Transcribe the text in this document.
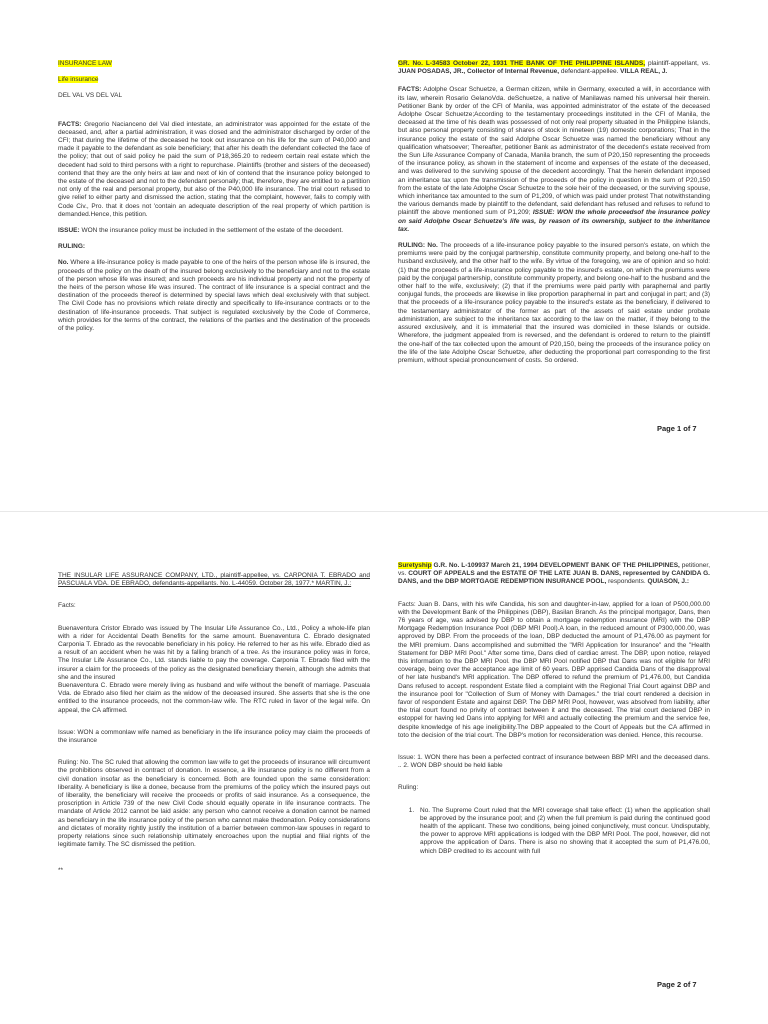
INSURANCE LAW

Life insurance

DEL VAL VS DEL VAL

FACTS: Gregorio Nacianceno del Val died intestate, an administrator was appointed for the estate of the deceased, and, after a partial administration, it was closed and the administrator discharged by order of the CFI; that during the lifetime of the deceased he took out insurance on his life for the sum of P40,000 and made it payable to the defendant as sole beneficiary; that after his death the defendant collected the face of the policy; that out of said policy he paid the sum of P18,365.20 to redeem certain real estate which the decedent had sold to third persons with a right to repurchase. Plaintiffs (brother and sisters of the deceased) contend that they are the only heirs at law and next of kin of contend that the insurance policy belonged to the estate of the deceased and not to the defendant personally; that, therefore, they are entitled to a partition not only of the real and personal property, but also of the P40,000 life insurance. The trial court refused to give relief to either party and dismissed the action, stating that the complaint, however, fails to comply with Code Civ., Pro. that it does not 'contain an adequate description of the real property of which partition is demanded.Hence, this petition.

ISSUE: WON the insurance policy must be included in the settlement of the estate of the decedent.

RULING:

No. Where a life-insurance policy is made payable to one of the heirs of the person whose life is insured, the proceeds of the policy on the death of the insured belong exclusively to the beneficiary and not to the estate of the person whose life was insured; and such proceeds are his individual property and not the property of the heirs of the person whose life was insured. The contract of life insurance is a special contract and the destination of the proceeds thereof is determined by special laws which deal exclusively with that subject. The Civil Code has no provisions which relate directly and specifically to life-insurance contracts or to the destination of life-insurance proceeds. That subject is regulated exclusively by the Code of Commerce, which provides for the terms of the contract, the relations of the parties and the destination of the proceeds of the policy.

GR. No. L-34583 October 22, 1931 THE BANK OF THE PHILIPPINE ISLANDS, plaintiff-appellant, vs. JUAN POSADAS, JR., Collector of Internal Revenue, defendant-appellee. VILLA REAL, J.

FACTS: Adolphe Oscar Schuetze, a German citizen, while in Germany, executed a will, in accordance with its law, wherein Rosario GelanoVda. deSchuetze, a native of Manilawas named his universal heir therein. Petitioner Bank by order of the CFI of Manila, was appointed administrator of the estate of the deceased Adolphe Oscar Schuetze;According to the testamentary proceedings instituted in the CFI of Manila, the deceased at the time of his death was possessed of not only real property situated in the Philippine Islands, but also personal property consisting of shares of stock in nineteen (19) domestic corporations; That in the insurance policy the estate of the said Adolphe Oscar Schuetze was named the beneficiary without any qualification whatsoever; Thereafter, petitioner Bank as administrator of the decedent's estate received from the Sun Life Assurance Company of Canada, Manila branch, the sum of P20,150 representing the proceeds of the insurance policy, as shown in the statement of income and expenses of the estate of the deceased, and was delivered to the surviving spouse of the decedent accordingly. That the herein defendant imposed an inheritance tax upon the transmission of the proceeds of the policy in question in the sum of P20,150 from the estate of the late Adolphe Oscar Schuetze to the sole heir of the deceased, or the surviving spouse, which inheritance tax amounted to the sum of P1,209, of which was paid under protest That notwithstanding the various demands made by plaintiff to the defendant, said defendant has refused and refuses to refund to plaintiff the above mentioned sum of P1,209; ISSUE: WON the whole proceedsof the insurance policy on said Adolphe Oscar Schuetze's life was, by reason of its ownership, subject to the inheritance tax.

RULING: No. The proceeds of a life-insurance policy payable to the insured person's estate, on which the premiums were paid by the conjugal partnership, constitute community property, and belong one-half to the husband exclusively, and the other half to the wife. By virtue of the foregoing, we are of opinion and so hold: (1) that the proceeds of a life-insurance policy payable to the insured's estate, on which the premiums were paid by the conjugal partnership, constitute community property, and belong one-half to the husband and the other half to the wife, exclusively; (2) that if the premiums were paid partly with paraphernal and partly conjugal funds, the proceeds are likewise in like proportion paraphernal in part and conjugal in part; and (3) that the proceeds of a life-insurance policy payable to the insured's estate as the beneficiary, if delivered to the testamentary administrator of the former as part of the assets of said estate under probate administration, are subject to the inheritance tax according to the law on the matter, if they belong to the assured exclusively, and it is immaterial that the insured was domiciled in these Islands or outside. Wherefore, the judgment appealed from is reversed, and the defendant is ordered to return to the plaintiff the one-half of the tax collected upon the amount of P20,150, being the proceeds of the insurance policy on the life of the late Adolphe Oscar Schuetze, after deducting the proportional part corresponding to the first premium, without special pronouncement of costs. So ordered.

Page 1 of 7

THE INSULAR LIFE ASSURANCE COMPANY, LTD., plaintiff-appellee, vs. CARPONIA T. EBRADO and PASCUALA VDA. DE EBRADO, defendants-appellants. No. L-44059. October 28, 1977.* MARTIN, J.:

Facts:

Buenaventura Cristor Ebrado was issued by The Insular Life Assurance Co., Ltd., Policy a whole-life plan with a rider for Accidental Death Benefits for the same amount. Buenaventura C. Ebrado designated Carponia T. Ebrado as the revocable beneficiary in his policy. He referred to her as his wife. Ebrado died as a result of an accident when he was hit by a falling branch of a tree. As the insurance policy was in force, The Insular Life Assurance Co., Ltd. stands liable to pay the coverage. Carponia T. Ebrado filed with the insurer a claim for the proceeds of the policy as the designated beneficiary therein, although she admits that she and the insured

Buenaventura C. Ebrado were merely living as husband and wife without the benefit of marriage. Pascuala Vda. de Ebrado also filed her claim as the widow of the deceased insured. She asserts that she is the one entitled to the insurance proceeds, not the common-law wife. The RTC ruled in favor of the legal wife. On appeal, the CA affirmed.

Issue: WON a commonlaw wife named as beneficiary in the life insurance policy may claim the proceeds of the insurance

Ruling: No. The SC ruled that allowing the common law wife to get the proceeds of insurance will circumvent the prohibitions observed in contract of donation. In essence, a life insurance policy is no different from a civil donation insofar as the beneficiary is concerned. Both are founded upon the same consideration: liberality. A beneficiary is like a donee, because from the premiums of the policy which the insured pays out of liberality, the beneficiary will receive the proceeds or profits of said insurance. As a consequence, the proscription in Article 739 of the new Civil Code should equally operate in life insurance contracts. The mandate of Article 2012 cannot be laid aside: any person who cannot receive a donation cannot be named as beneficiary in the life insurance policy of the person who cannot make thedonation. Policy considerations and dictates of morality rightly justify the institution of a barrier between common-law spouses in regard to property relations since such relationship ultimately encroaches upon the nuptial and filial rights of the legitimate family. The SC dismissed the petition.

**

Suretyship G.R. No. L-109937 March 21, 1994 DEVELOPMENT BANK OF THE PHILIPPINES, petitioner, vs. COURT OF APPEALS and the ESTATE OF THE LATE JUAN B. DANS, represented by CANDIDA G. DANS, and the DBP MORTGAGE REDEMPTION INSURANCE POOL, respondents. QUIASON, J.:

Facts: Juan B. Dans, with his wife Candida, his son and daughter-in-law, applied for a loan of P500,000.00 with the Development Bank of the Philippines (DBP), Basilan Branch. As the principal mortgagor, Dans, then 76 years of age, was advised by DBP to obtain a mortgage redemption insurance (MRI) with the DBP Mortgage Redemption Insurance Pool (DBP MRI Pool).A loan, in the reduced amount of P300,000.00, was approved by DBP. From the proceeds of the loan, DBP deducted the amount of P1,476.00 as payment for the MRI premium. Dans accomplished and submitted the "MRI Application for Insurance" and the "Health Statement for DBP MRI Pool." After some time, Dans died of cardiac arrest. The DBP, upon notice, relayed this information to the DBP MRI Pool. the DBP MRI Pool notified DBP that Dans was not eligible for MRI coverage, being over the acceptance age limit of 60 years. DBP apprised Candida Dans of the disapproval of her late husband's MRI application. The DBP offered to refund the premium of P1,476.00, but Candida Dans refused to accept. respondent Estate filed a complaint with the Regional Trial Court against DBP and the insurance pool for "Collection of Sum of Money with Damages." the trial court rendered a decision in favor of respondent Estate and against DBP. The DBP MRI Pool, however, was absolved from liability, after the trial court found no privity of contract between it and the deceased. The trial court declared DBP in estoppel for having led Dans into applying for MRI and actually collecting the premium and the service fee, despite knowledge of his age ineligibility.The DBP appealed to the Court of Appeals but the CA affirmed in toto the decision of the trial court. The DBP's motion for reconsideration was denied. Hence, this recourse.

Issue: 1. WON there has been a perfected contract of insurance between BBP MRI and the deceased dans. .. 2. WON DBP should be held liable

Ruling:

1. No. The Supreme Court ruled that the MRI coverage shall take effect: (1) when the application shall be approved by the insurance pool; and (2) when the full premium is paid during the continued good health of the applicant. These two conditions, being joined conjunctively, must concur. Undisputably, the power to approve MRI applications is lodged with the DBP MRI Pool. The pool, however, did not approve the application of Dans. There is also no showing that it accepted the sum of P1,476.00, which DBP credited to its account with full
Page 2 of 7
